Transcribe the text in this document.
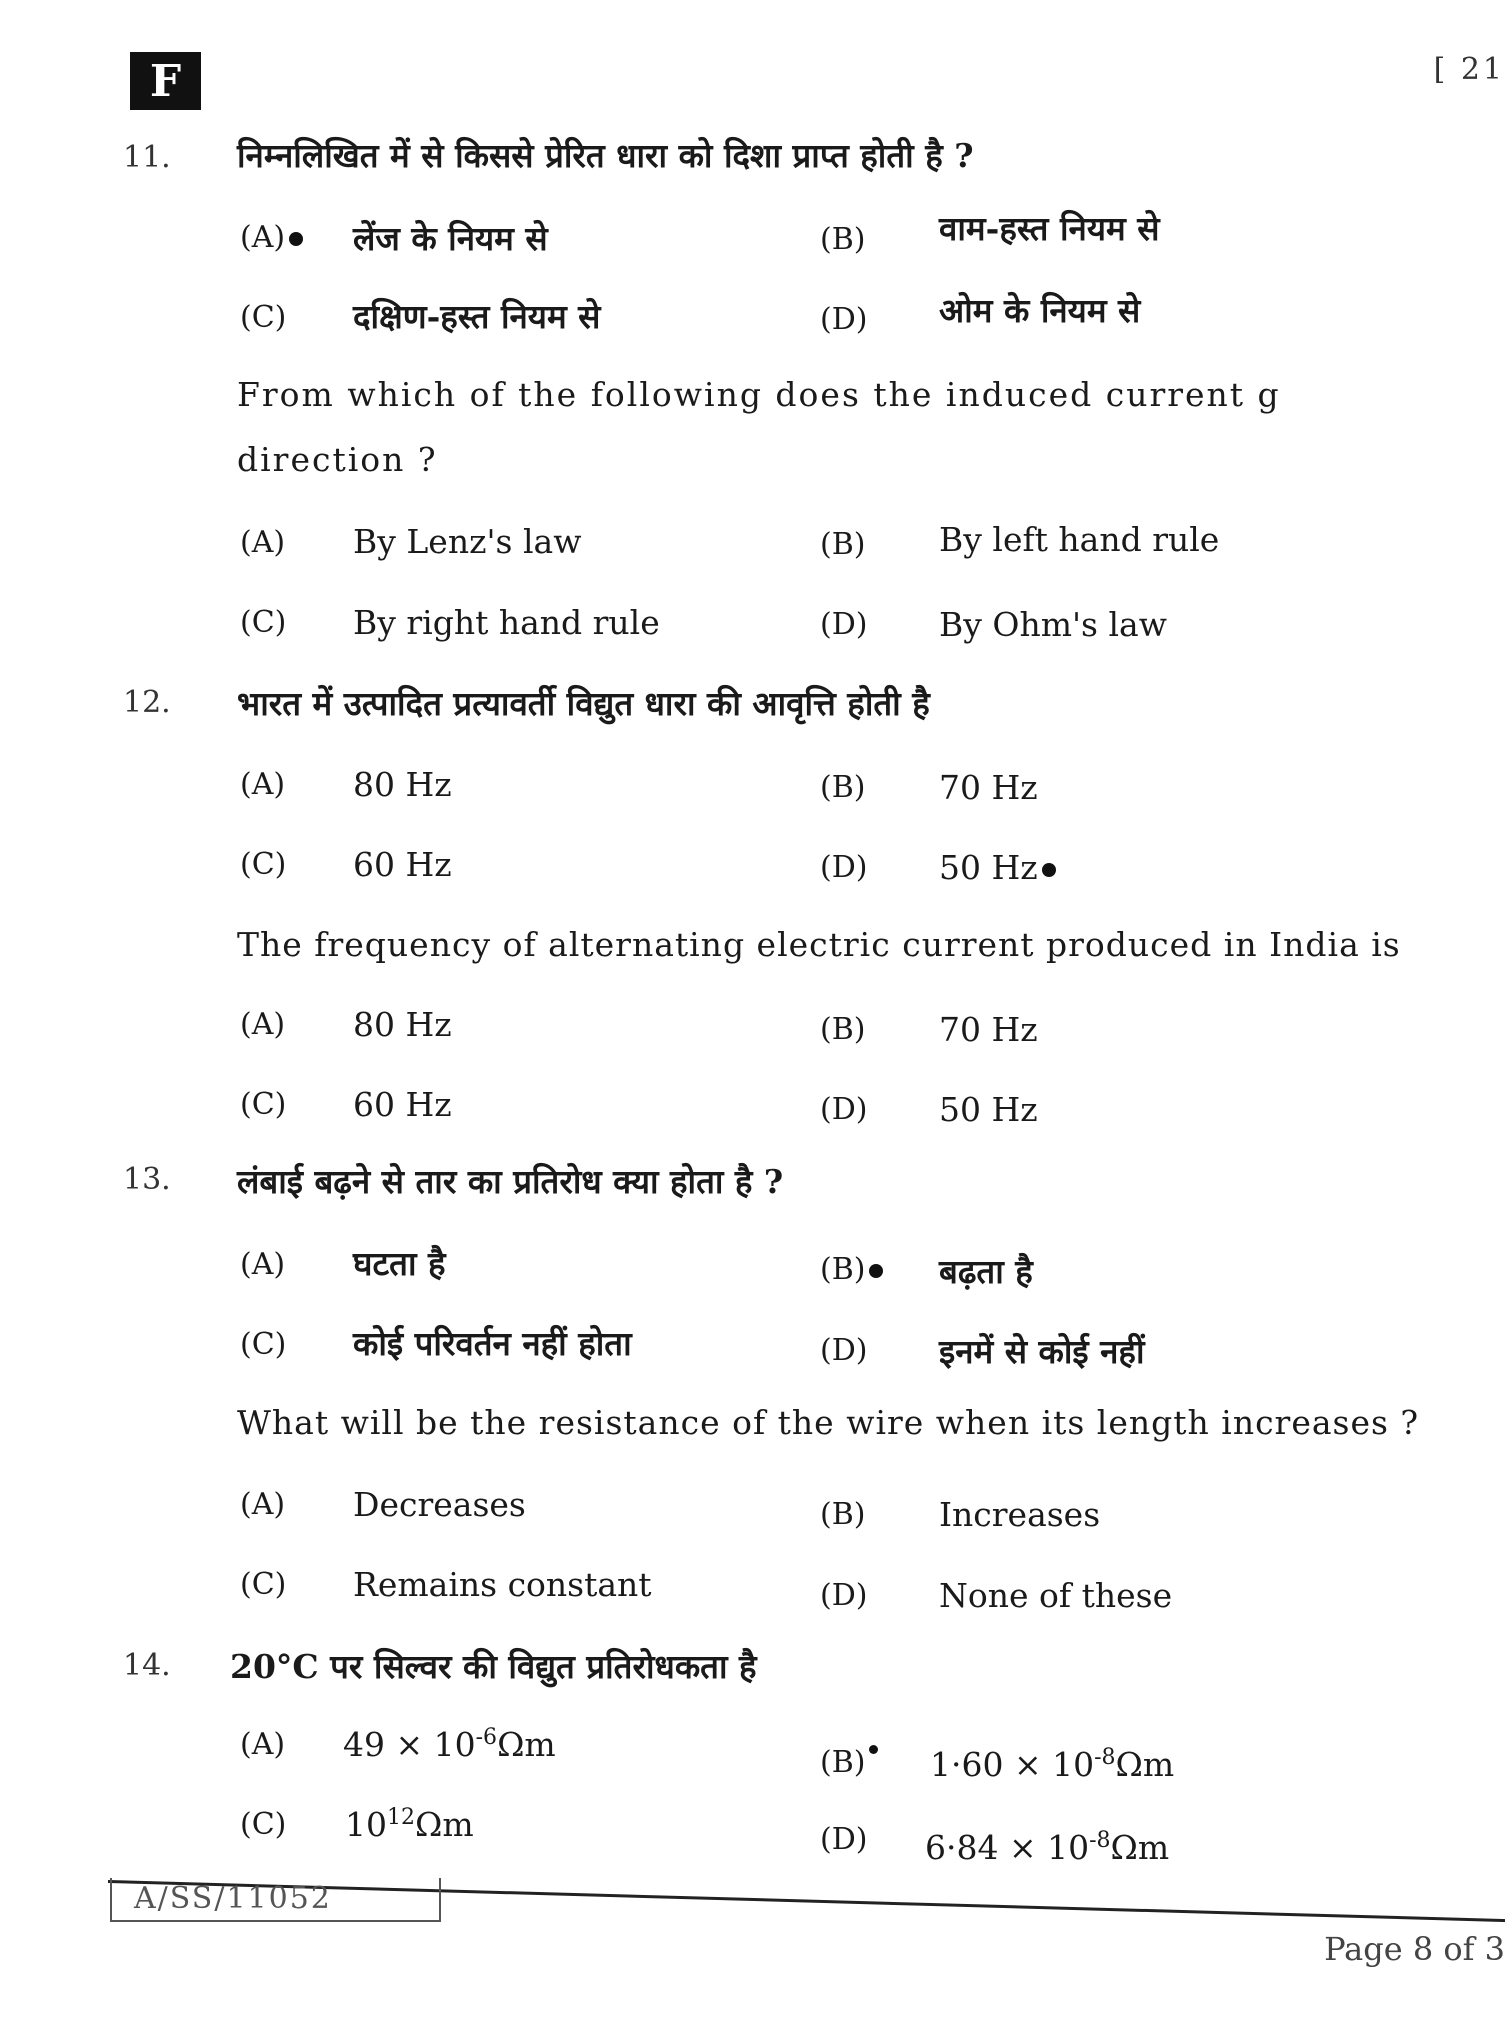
F	[ 21
11. निम्नलिखित में से किससे प्रेरित धारा को दिशा प्राप्त होती है ?
(A)	लेंज के नियम से	(B) वाम-हस्त नियम से
(C) दक्षिण-हस्त नियम से	(D) ओम के नियम से
From which of the following does the induced current g
direction ?
(A) By Lenz's law	(B) By left hand rule
(C) By right hand rule	(D) By Ohm's law
12. भारत में उत्पादित प्रत्यावर्ती विद्युत धारा की आवृत्ति होती है
(A) 80 Hz	(B) 70 Hz
(C) 60 Hz	(D) 50 Hz
The frequency of alternating electric current produced in India is
(A) 80 Hz	(B) 70 Hz
(C) 60 Hz	(D) 50 Hz
13. लंबाई बढ़ने से तार का प्रतिरोध क्या होता है ?
(A) घटता है	(B)	बढ़ता है
(C) कोई परिवर्तन नहीं होता	(D) इनमें से कोई नहीं
What will be the resistance of the wire when its length increases ?
(A) Decreases	(B) Increases
(C) Remains constant	(D) None of these
14. 20°C पर सिल्वर की विद्युत प्रतिरोधकता है
(A) $49 \times 10^{-6}\Omega m$	(B)	$1\cdot 60 \times 10^{-8}\Omega m$
(C) $10^{12}\Omega m$	(D) $6\cdot 84 \times 10^{-8}\Omega m$
A/SS/11052
Page 8 of 3
